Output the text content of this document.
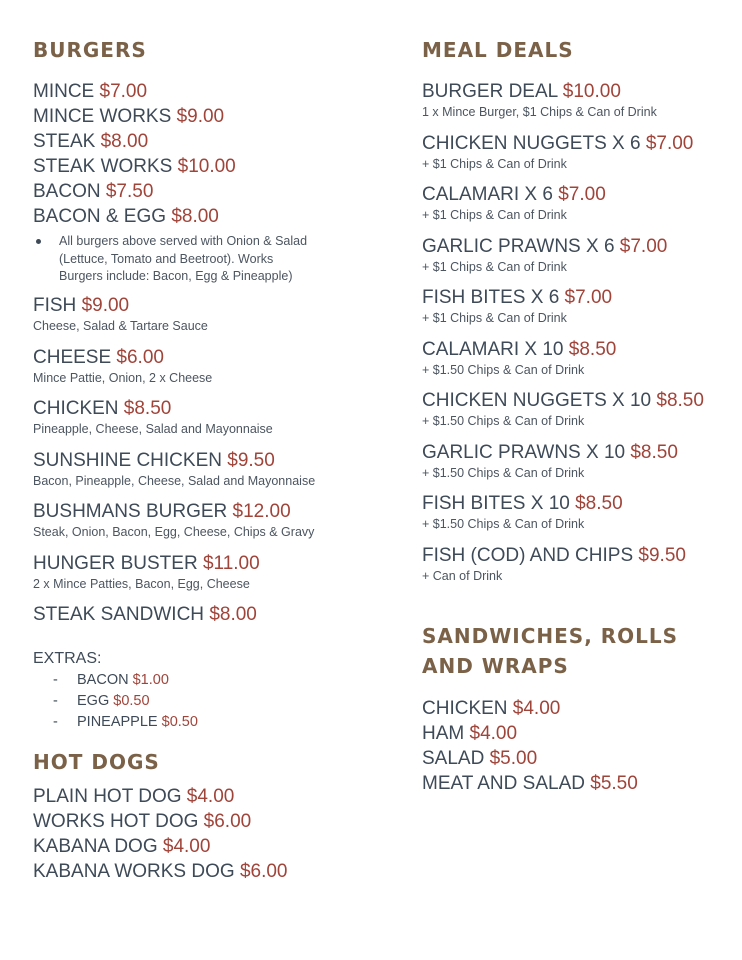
BURGERS
MINCE $7.00
MINCE WORKS $9.00
STEAK $8.00
STEAK WORKS $10.00
BACON $7.50
BACON & EGG $8.00
All burgers above served with Onion & Salad
(Lettuce, Tomato and Beetroot). Works
Burgers include: Bacon, Egg & Pineapple)
FISH $9.00
Cheese, Salad & Tartare Sauce
CHEESE $6.00
Mince Pattie, Onion, 2 x Cheese
CHICKEN $8.50
Pineapple, Cheese, Salad and Mayonnaise
SUNSHINE CHICKEN $9.50
Bacon, Pineapple, Cheese, Salad and Mayonnaise
BUSHMANS BURGER $12.00
Steak, Onion, Bacon, Egg, Cheese, Chips & Gravy
HUNGER BUSTER $11.00
2 x Mince Patties, Bacon, Egg, Cheese
STEAK SANDWICH $8.00
EXTRAS:
- BACON $1.00
- EGG $0.50
- PINEAPPLE $0.50
HOT DOGS
PLAIN HOT DOG $4.00
WORKS HOT DOG $6.00
KABANA DOG $4.00
KABANA WORKS DOG $6.00
MEAL DEALS
BURGER DEAL $10.00
1 x Mince Burger, $1 Chips & Can of Drink
CHICKEN NUGGETS X 6 $7.00
+ $1 Chips & Can of Drink
CALAMARI X 6 $7.00
+ $1 Chips & Can of Drink
GARLIC PRAWNS X 6 $7.00
+ $1 Chips & Can of Drink
FISH BITES X 6 $7.00
+ $1 Chips & Can of Drink
CALAMARI X 10 $8.50
+ $1.50 Chips & Can of Drink
CHICKEN NUGGETS X 10 $8.50
+ $1.50 Chips & Can of Drink
GARLIC PRAWNS X 10 $8.50
+ $1.50 Chips & Can of Drink
FISH BITES X 10 $8.50
+ $1.50 Chips & Can of Drink
FISH (COD) AND CHIPS $9.50
+ Can of Drink
SANDWICHES, ROLLS
AND WRAPS
CHICKEN $4.00
HAM $4.00
SALAD $5.00
MEAT AND SALAD $5.50
